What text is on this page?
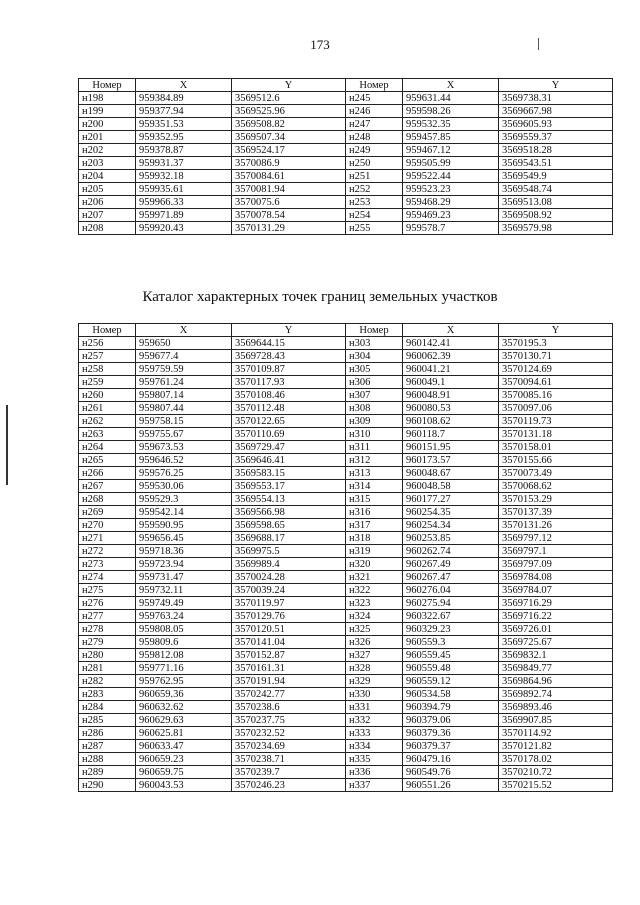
173
Номер	X	Y	Номер	X	Y
н198	959384.89	3569512.6	н245	959631.44	3569738.31
н199	959377.94	3569525.96	н246	959598.26	3569667.98
н200	959351.53	3569508.82	н247	959532.35	3569605.93
н201	959352.95	3569507.34	н248	959457.85	3569559.37
н202	959378.87	3569524.17	н249	959467.12	3569518.28
н203	959931.37	3570086.9	н250	959505.99	3569543.51
н204	959932.18	3570084.61	н251	959522.44	3569549.9
н205	959935.61	3570081.94	н252	959523.23	3569548.74
н206	959966.33	3570075.6	н253	959468.29	3569513.08
н207	959971.89	3570078.54	н254	959469.23	3569508.92
н208	959920.43	3570131.29	н255	959578.7	3569579.98
Каталог характерных точек границ земельных участков
Номер	X	Y	Номер	X	Y
н256	959650	3569644.15	н303	960142.41	3570195.3
н257	959677.4	3569728.43	н304	960062.39	3570130.71
н258	959759.59	3570109.87	н305	960041.21	3570124.69
н259	959761.24	3570117.93	н306	960049.1	3570094.61
н260	959807.14	3570108.46	н307	960048.91	3570085.16
н261	959807.44	3570112.48	н308	960080.53	3570097.06
н262	959758.15	3570122.65	н309	960108.62	3570119.73
н263	959755.67	3570110.69	н310	960118.7	3570131.18
н264	959673.53	3569729.47	н311	960151.95	3570158.01
н265	959646.52	3569646.41	н312	960173.57	3570155.66
н266	959576.25	3569583.15	н313	960048.67	3570073.49
н267	959530.06	3569553.17	н314	960048.58	3570068.62
н268	959529.3	3569554.13	н315	960177.27	3570153.29
н269	959542.14	3569566.98	н316	960254.35	3570137.39
н270	959590.95	3569598.65	н317	960254.34	3570131.26
н271	959656.45	3569688.17	н318	960253.85	3569797.12
н272	959718.36	3569975.5	н319	960262.74	3569797.1
н273	959723.94	3569989.4	н320	960267.49	3569797.09
н274	959731.47	3570024.28	н321	960267.47	3569784.08
н275	959732.11	3570039.24	н322	960276.04	3569784.07
н276	959749.49	3570119.97	н323	960275.94	3569716.29
н277	959763.24	3570129.76	н324	960322.67	3569716.22
н278	959808.05	3570120.51	н325	960329.23	3569726.01
н279	959809.6	3570141.04	н326	960559.3	3569725.67
н280	959812.08	3570152.87	н327	960559.45	3569832.1
н281	959771.16	3570161.31	н328	960559.48	3569849.77
н282	959762.95	3570191.94	н329	960559.12	3569864.96
н283	960659.36	3570242.77	н330	960534.58	3569892.74
н284	960632.62	3570238.6	н331	960394.79	3569893.46
н285	960629.63	3570237.75	н332	960379.06	3569907.85
н286	960625.81	3570232.52	н333	960379.36	3570114.92
н287	960633.47	3570234.69	н334	960379.37	3570121.82
н288	960659.23	3570238.71	н335	960479.16	3570178.02
н289	960659.75	3570239.7	н336	960549.76	3570210.72
н290	960043.53	3570246.23	н337	960551.26	3570215.52
